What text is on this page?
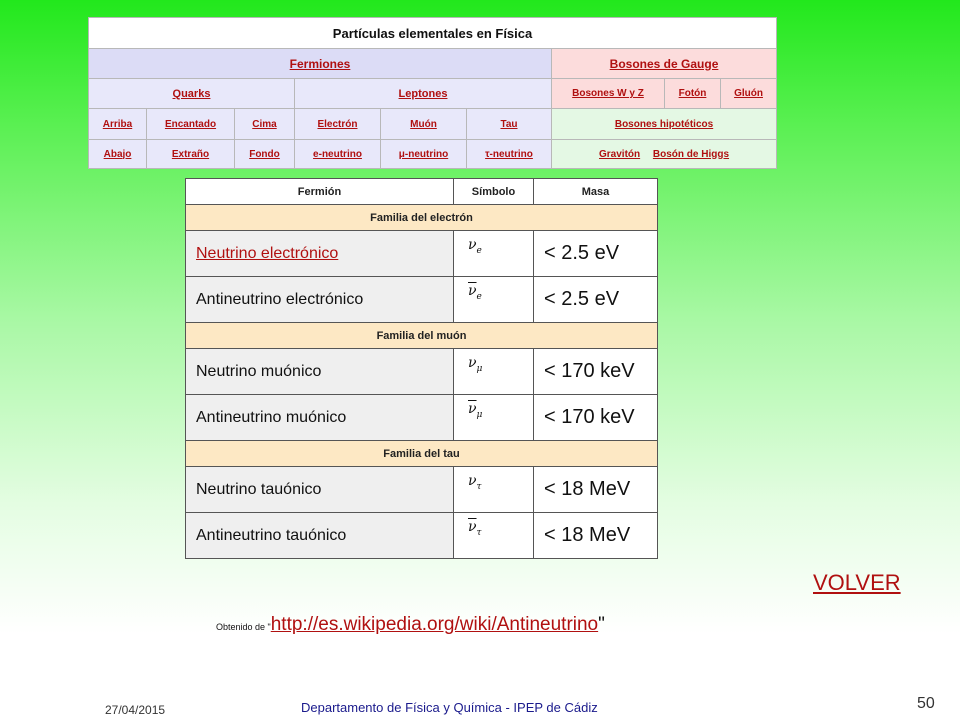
Partículas elementales en Física								
Fermiones						Bosones de Gauge		
Quarks			Leptones			Bosones W y Z	Fotón	Gluón
Arriba	Encantado	Cima	Electrón	Muón	Tau	Bosones hipotéticos		
Abajo	Extraño	Fondo	e-neutrino	μ-neutrino	τ-neutrino	Gravitón Bosón de Higgs		
Fermión	Símbolo	Masa
Familia del electrón		
Neutrino electrónico	$\nu_e$	< 2.5 eV
Antineutrino electrónico	$\overline{\nu}_e$	< 2.5 eV
Familia del muón		
Neutrino muónico	$\nu_\mu$	< 170 keV
Antineutrino muónico	$\overline{\nu}_\mu$	< 170 keV
Familia del tau		
Neutrino tauónico	$\nu_\tau$	< 18 MeV
Antineutrino tauónico	$\overline{\nu}_\tau$	< 18 MeV

VOLVER

Obtenido de "http://es.wikipedia.org/wiki/Antineutrino"
27/04/2015	Departamento de Física y Química - IPEP de Cádiz	50
